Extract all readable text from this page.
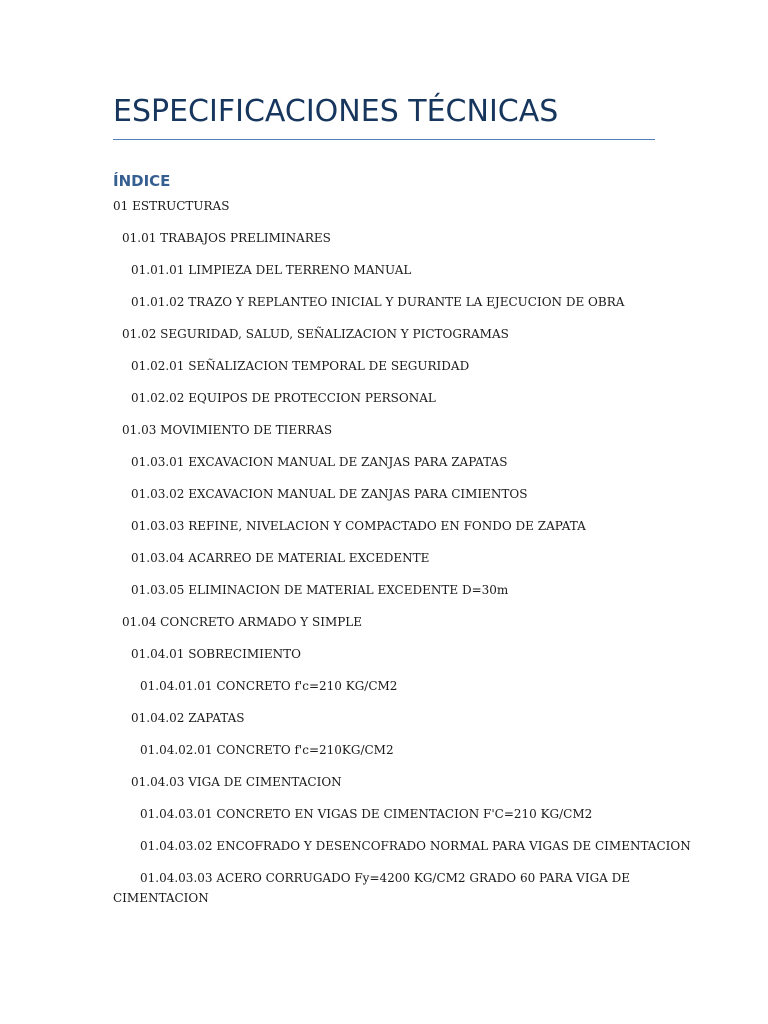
ESPECIFICACIONES TÉCNICAS
ÍNDICE
01 ESTRUCTURAS
01.01 TRABAJOS PRELIMINARES
01.01.01 LIMPIEZA DEL TERRENO MANUAL
01.01.02 TRAZO Y REPLANTEO INICIAL Y DURANTE LA EJECUCION DE OBRA
01.02 SEGURIDAD, SALUD, SEÑALIZACION Y PICTOGRAMAS
01.02.01 SEÑALIZACION TEMPORAL DE SEGURIDAD
01.02.02 EQUIPOS DE PROTECCION PERSONAL
01.03 MOVIMIENTO DE TIERRAS
01.03.01 EXCAVACION MANUAL DE ZANJAS PARA ZAPATAS
01.03.02 EXCAVACION MANUAL DE ZANJAS PARA CIMIENTOS
01.03.03 REFINE, NIVELACION Y COMPACTADO EN FONDO DE ZAPATA
01.03.04 ACARREO DE MATERIAL EXCEDENTE
01.03.05 ELIMINACION DE MATERIAL EXCEDENTE D=30m
01.04 CONCRETO ARMADO Y SIMPLE
01.04.01 SOBRECIMIENTO
01.04.01.01 CONCRETO f'c=210 KG/CM2
01.04.02 ZAPATAS
01.04.02.01 CONCRETO f'c=210KG/CM2
01.04.03 VIGA DE CIMENTACION
01.04.03.01 CONCRETO EN VIGAS DE CIMENTACION F'C=210 KG/CM2
01.04.03.02 ENCOFRADO Y DESENCOFRADO NORMAL PARA VIGAS DE CIMENTACION
01.04.03.03 ACERO CORRUGADO Fy=4200 KG/CM2 GRADO 60 PARA VIGA DE CIMENTACION
